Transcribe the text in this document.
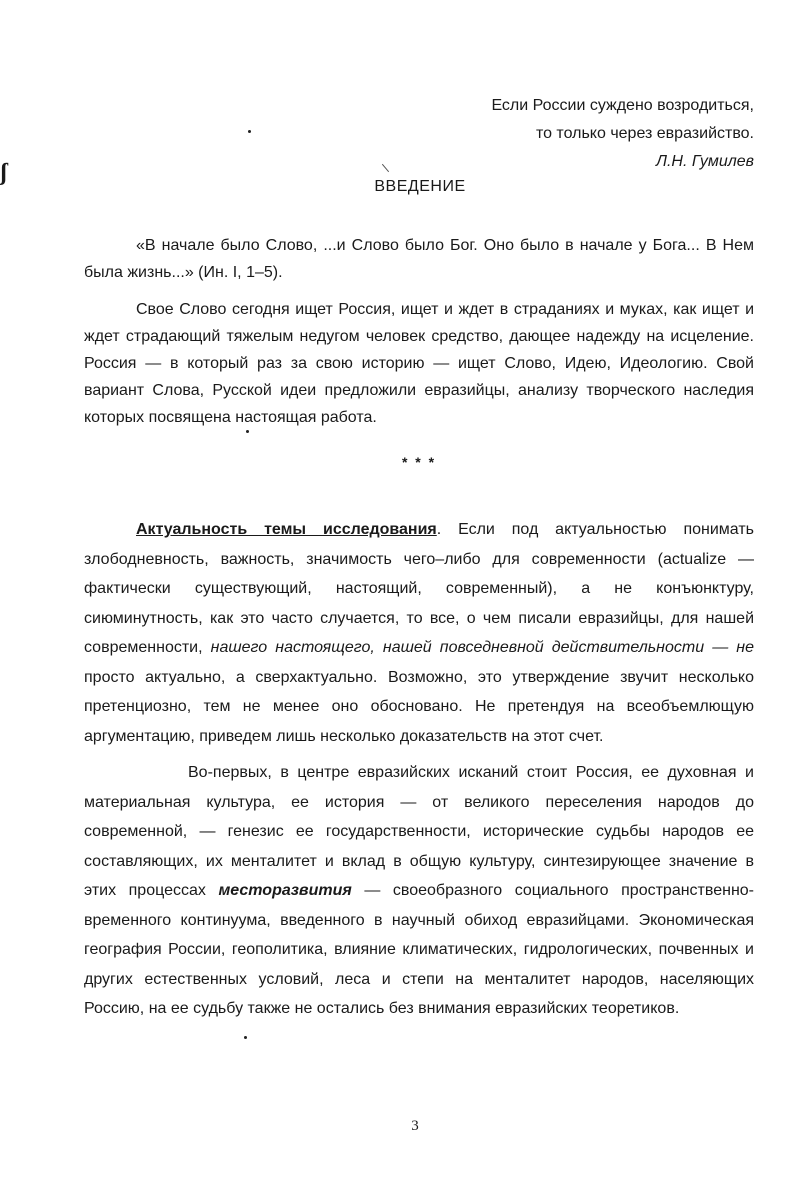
ʃ
Если России суждено возродиться,
то только через евразийство.
Л.Н. Гумилев
ВВЕДЕНИЕ

«В начале было Слово, ...и Слово было Бог. Оно было в начале у Бога... В Нем была жизнь...» (Ин. I, 1–5).

Свое Слово сегодня ищет Россия, ищет и ждет в страданиях и муках, как ищет и ждет страдающий тяжелым недугом человек средство, дающее надежду на исцеление. Россия — в который раз за свою историю — ищет Слово, Идею, Идеологию. Свой вариант Слова, Русской идеи предложили евразийцы, анализу творческого наследия которых посвящена настоящая работа.

* * *

Актуальность темы исследования. Если под актуальностью понимать злободневность, важность, значимость чего–либо для современности (actualize — фактически существующий, настоящий, современный), а не конъюнктуру, сиюминутность, как это часто случается, то все, о чем писали евразийцы, для нашей современности, нашего настоящего, нашей повседневной действительности — не просто актуально, а сверхактуально. Возможно, это утверждение звучит несколько претенциозно, тем не менее оно обосновано. Не претендуя на всеобъемлющую аргументацию, приведем лишь несколько доказательств на этот счет.

Во-первых, в центре евразийских исканий стоит Россия, ее духовная и материальная культура, ее история — от великого переселения народов до современной, — генезис ее государственности, исторические судьбы народов ее составляющих, их менталитет и вклад в общую культуру, синтезирующее значение в этих процессах месторазвития — своеобразного социального пространственно-временного континуума, введенного в научный обиход евразийцами. Экономическая география России, геополитика, влияние климатических, гидрологических, почвенных и других естественных условий, леса и степи на менталитет народов, населяющих Россию, на ее судьбу также не остались без внимания евразийских теоретиков.

3
